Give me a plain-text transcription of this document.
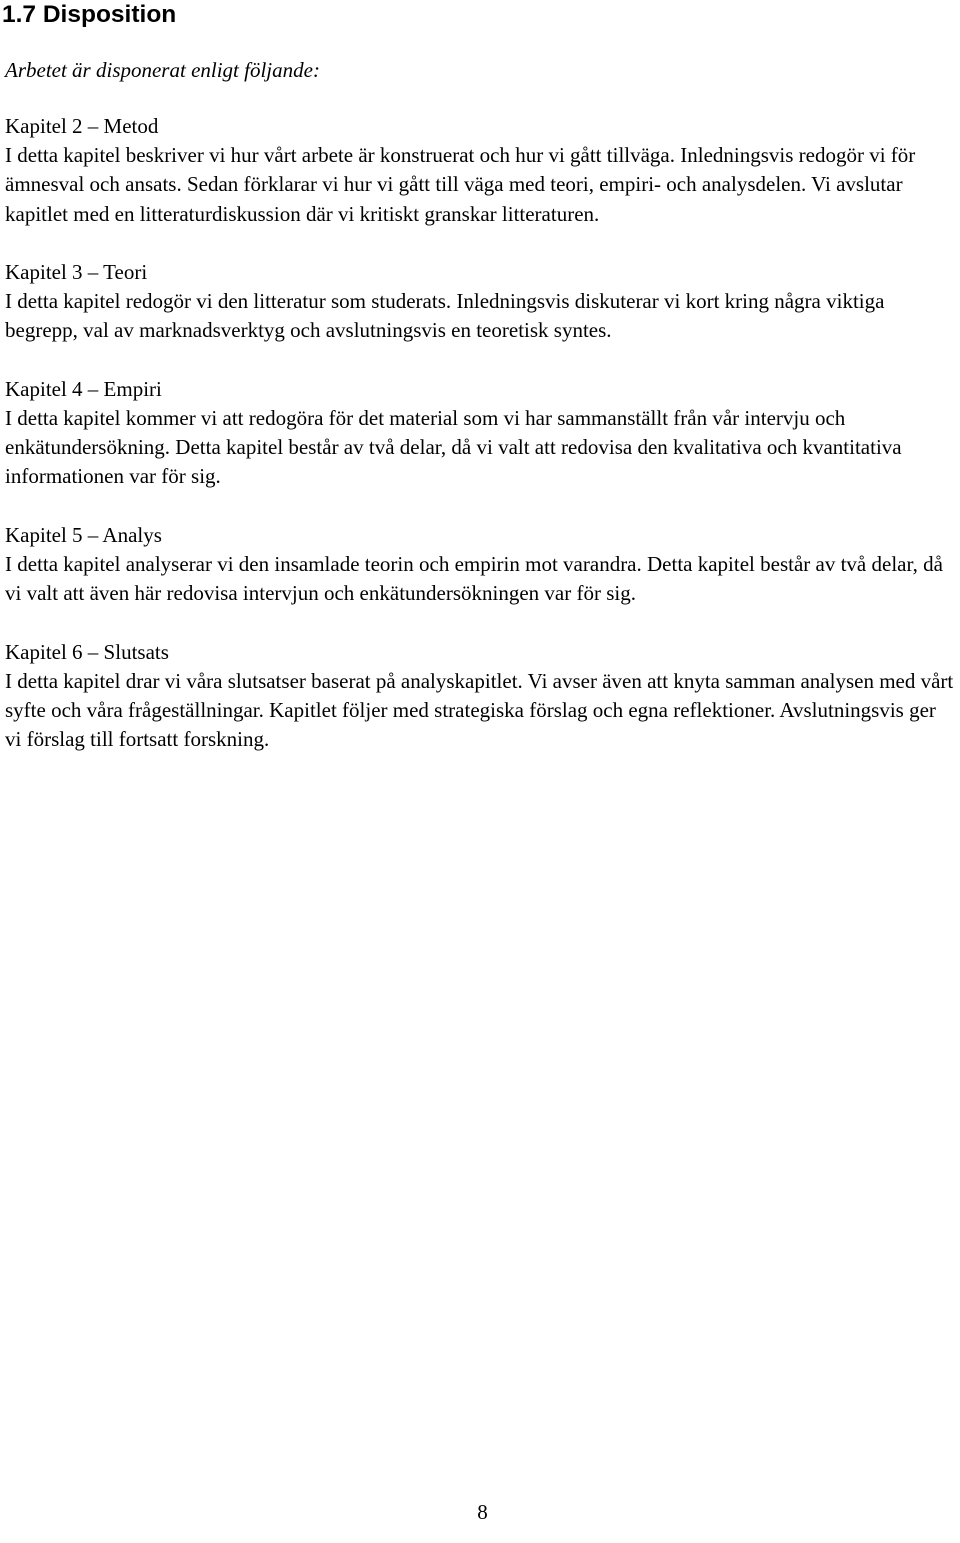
1.7 Disposition

Arbetet är disponerat enligt följande:

Kapitel 2 – Metod
I detta kapitel beskriver vi hur vårt arbete är konstruerat och hur vi gått tillväga. Inledningsvis redogör vi för ämnesval och ansats. Sedan förklarar vi hur vi gått till väga med teori, empiri- och analysdelen. Vi avslutar kapitlet med en litteraturdiskussion där vi kritiskt granskar litteraturen.
Kapitel 3 – Teori
I detta kapitel redogör vi den litteratur som studerats. Inledningsvis diskuterar vi kort kring några viktiga begrepp, val av marknadsverktyg och avslutningsvis en teoretisk syntes.
Kapitel 4 – Empiri
I detta kapitel kommer vi att redogöra för det material som vi har sammanställt från vår intervju och enkätundersökning. Detta kapitel består av två delar, då vi valt att redovisa den kvalitativa och kvantitativa informationen var för sig.
Kapitel 5 – Analys
I detta kapitel analyserar vi den insamlade teorin och empirin mot varandra. Detta kapitel består av två delar, då vi valt att även här redovisa intervjun och enkätundersökningen var för sig.
Kapitel 6 – Slutsats
I detta kapitel drar vi våra slutsatser baserat på analyskapitlet. Vi avser även att knyta samman analysen med vårt syfte och våra frågeställningar. Kapitlet följer med strategiska förslag och egna reflektioner. Avslutningsvis ger vi förslag till fortsatt forskning.
8
